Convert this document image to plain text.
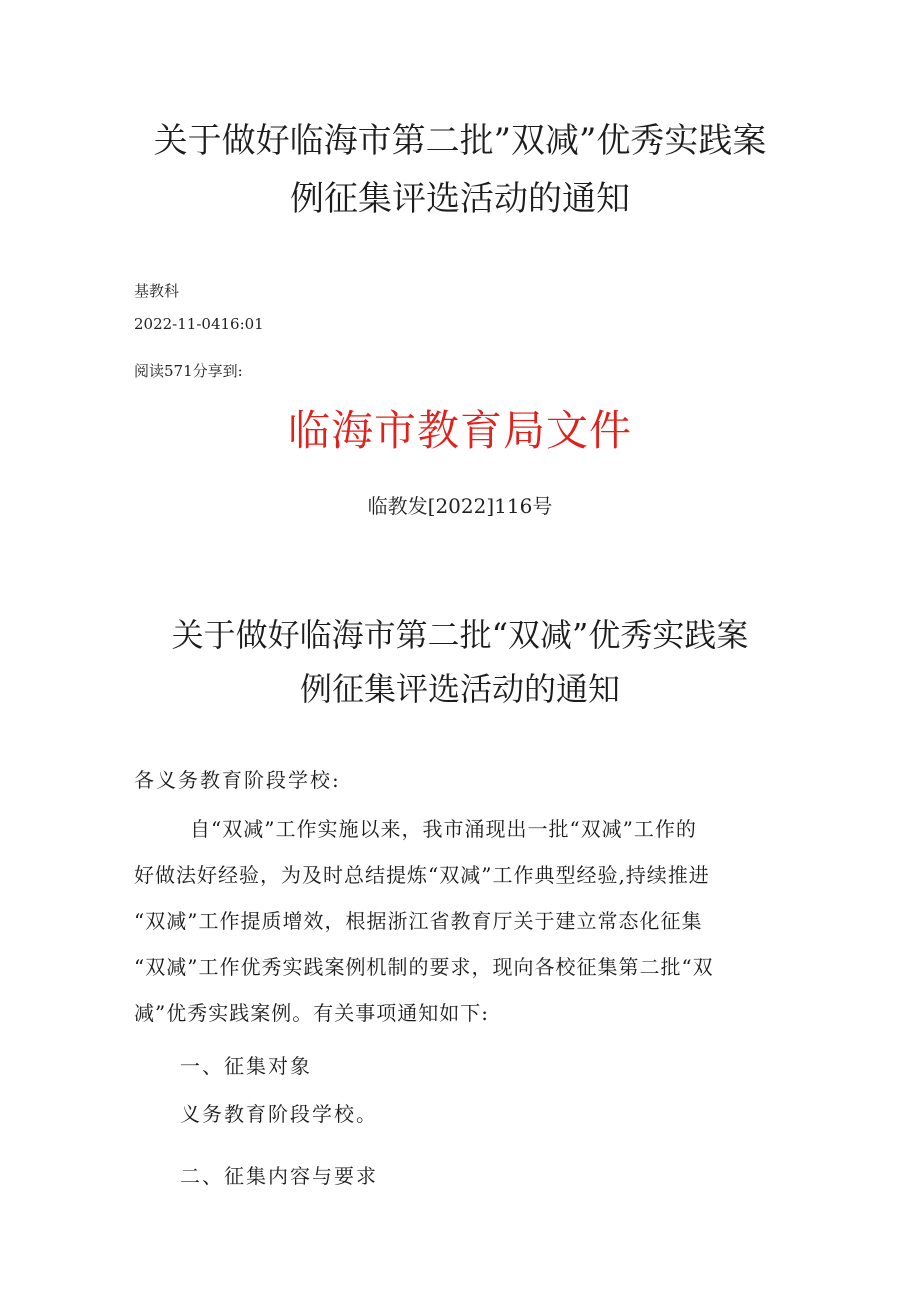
关于做好临海市第二批”双减”优秀实践案
例征集评选活动的通知
基教科
2022-11-0416:01
阅读571分享到:
临海市教育局文件
临教发[2022]116号
关于做好临海市第二批“双减”优秀实践案
例征集评选活动的通知
各义务教育阶段学校:
自“双减”工作实施以来，我市涌现出一批“双减”工作的
好做法好经验，为及时总结提炼“双减”工作典型经验,持续推进
“双减”工作提质增效，根据浙江省教育厅关于建立常态化征集
“双减”工作优秀实践案例机制的要求，现向各校征集第二批“双
减”优秀实践案例。有关事项通知如下:
一、征集对象
义务教育阶段学校。
二、征集内容与要求
